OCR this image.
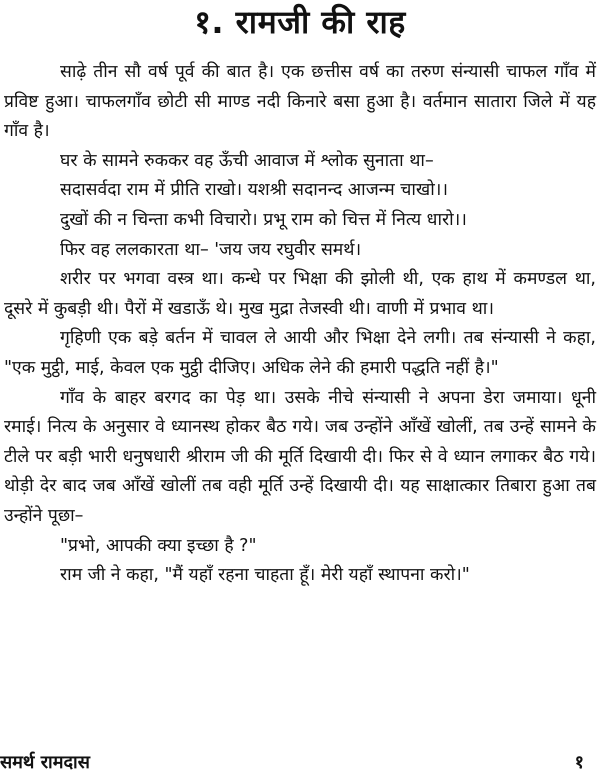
१. रामजी की राह

साढ़े तीन सौ वर्ष पूर्व की बात है। एक छत्तीस वर्ष का तरुण संन्यासी चाफल गाँव में प्रविष्ट हुआ। चाफलगाँव छोटी सी माण्ड नदी किनारे बसा हुआ है। वर्तमान सातारा जिले में यह गाँव है।

घर के सामने रुककर वह ऊँची आवाज में श्लोक सुनाता था–

सदासर्वदा राम में प्रीति राखो। यशश्री सदानन्द आजन्म चाखो।।

दुखों की न चिन्ता कभी विचारो। प्रभू राम को चित्त में नित्य धारो।।

फिर वह ललकारता था– 'जय जय रघुवीर समर्थ।

शरीर पर भगवा वस्त्र था। कन्धे पर भिक्षा की झोली थी, एक हाथ में कमण्डल था, दूसरे में कुबड़ी थी। पैरों में खडाऊँ थे। मुख मुद्रा तेजस्वी थी। वाणी में प्रभाव था।

गृहिणी एक बड़े बर्तन में चावल ले आयी और भिक्षा देने लगी। तब संन्यासी ने कहा, "एक मुट्ठी, माई, केवल एक मुट्ठी दीजिए। अधिक लेने की हमारी पद्धति नहीं है।"

गाँव के बाहर बरगद का पेड़ था। उसके नीचे संन्यासी ने अपना डेरा जमाया। धूनी रमाई। नित्य के अनुसार वे ध्यानस्थ होकर बैठ गये। जब उन्होंने आँखें खोलीं, तब उन्हें सामने के टीले पर बड़ी भारी धनुषधारी श्रीराम जी की मूर्ति दिखायी दी। फिर से वे ध्यान लगाकर बैठ गये। थोड़ी देर बाद जब आँखें खोलीं तब वही मूर्ति उन्हें दिखायी दी। यह साक्षात्कार तिबारा हुआ तब उन्होंने पूछा–

"प्रभो, आपकी क्या इच्छा है ?"

राम जी ने कहा, "मैं यहाँ रहना चाहता हूँ। मेरी यहाँ स्थापना करो।"

समर्थ रामदास	१
